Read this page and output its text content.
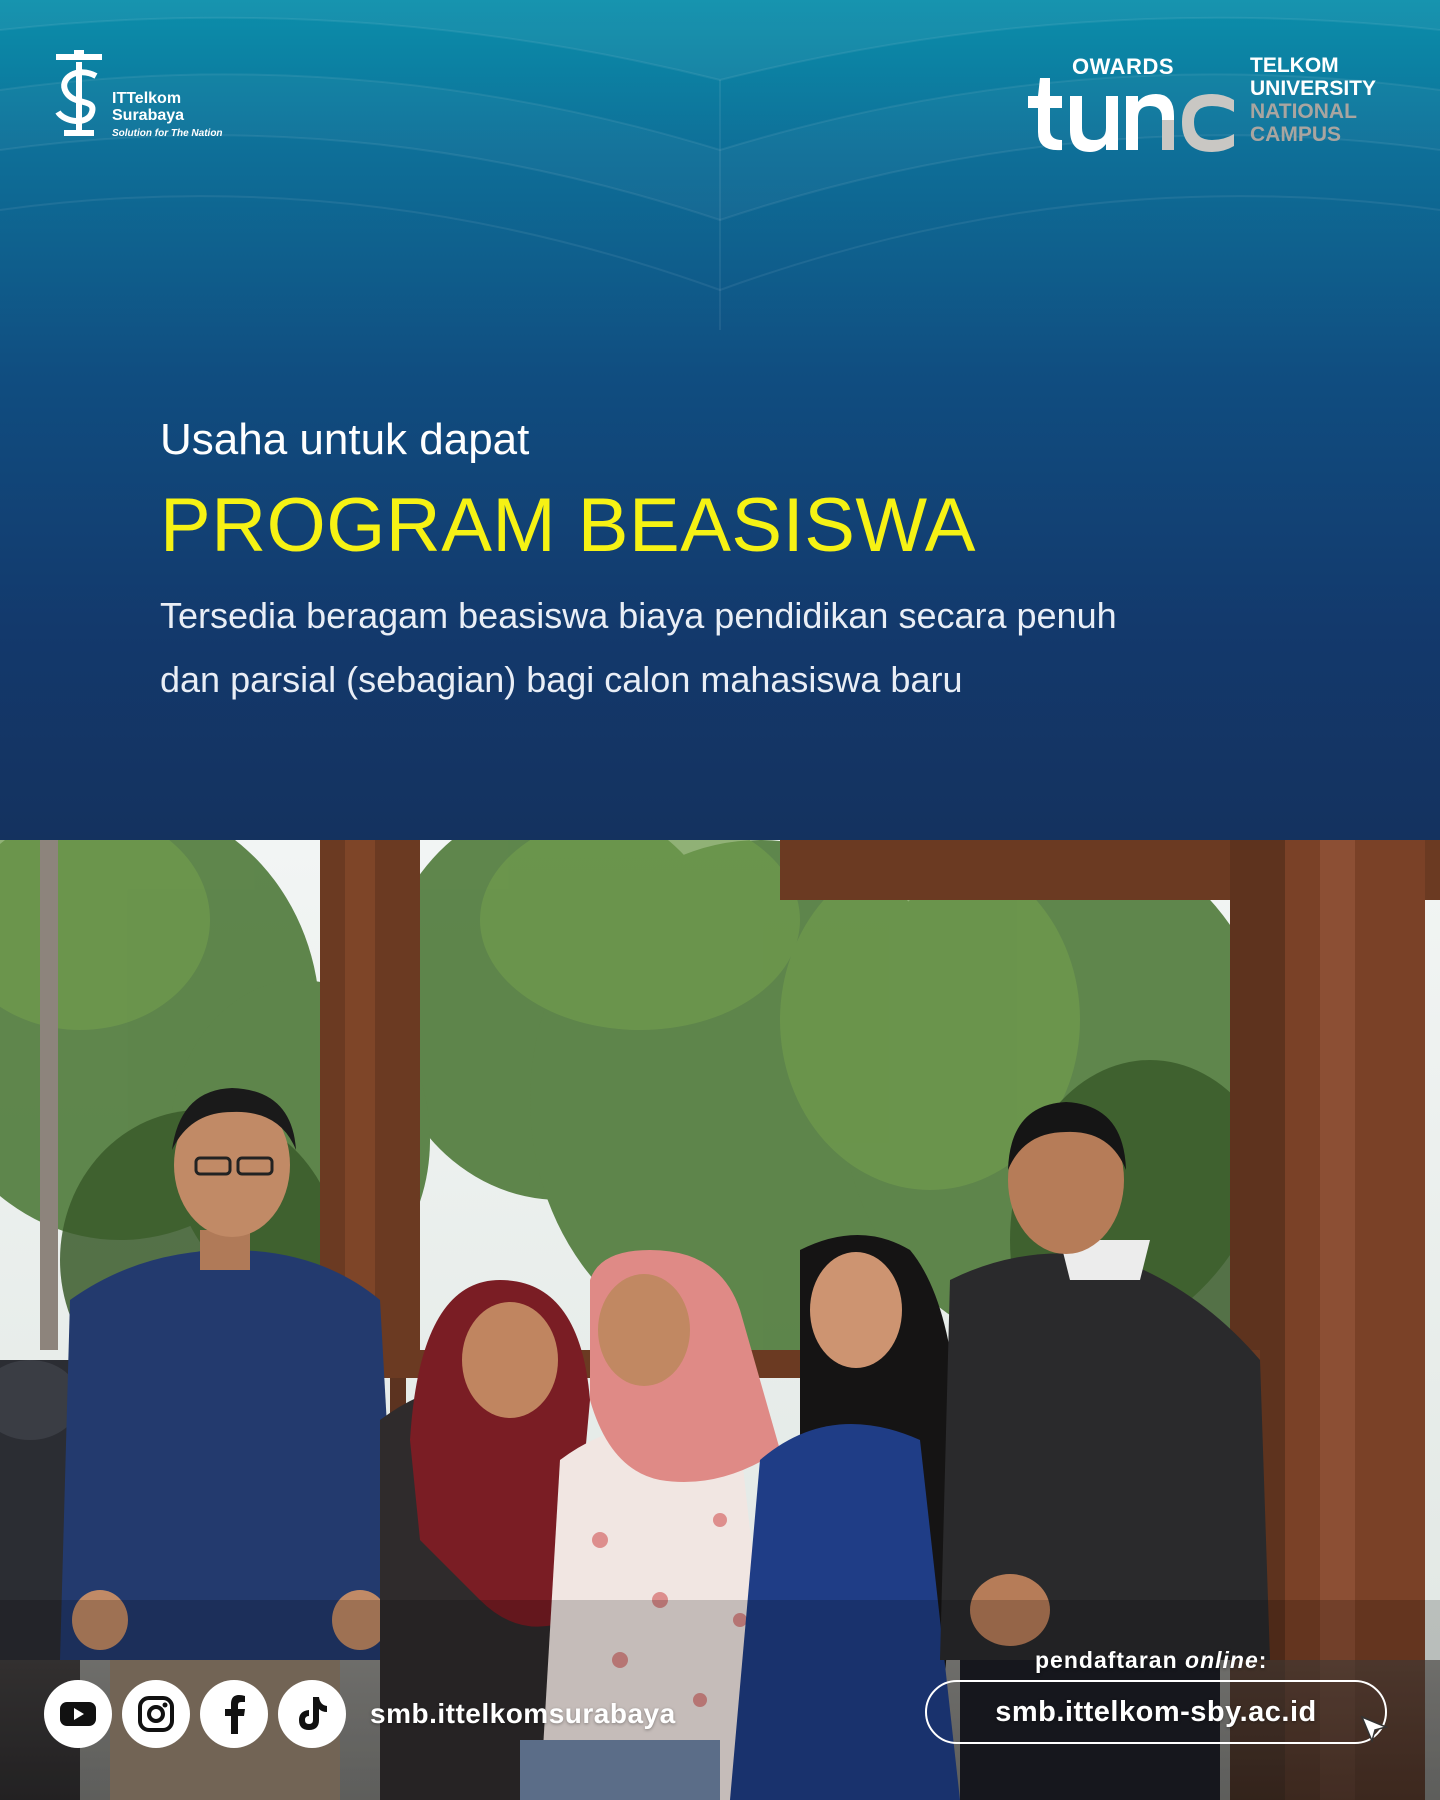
ITTelkom
Surabaya
Solution for The Nation
OWARDS	TELKOM
UNIVERSITY
NATIONAL
CAMPUS
Usaha untuk dapat
PROGRAM BEASISWA
Tersedia beragam beasiswa biaya pendidikan secara penuh
dan parsial (sebagian) bagi calon mahasiswa baru
smb.ittelkomsurabaya
pendaftaran online:
smb.ittelkom-sby.ac.id
